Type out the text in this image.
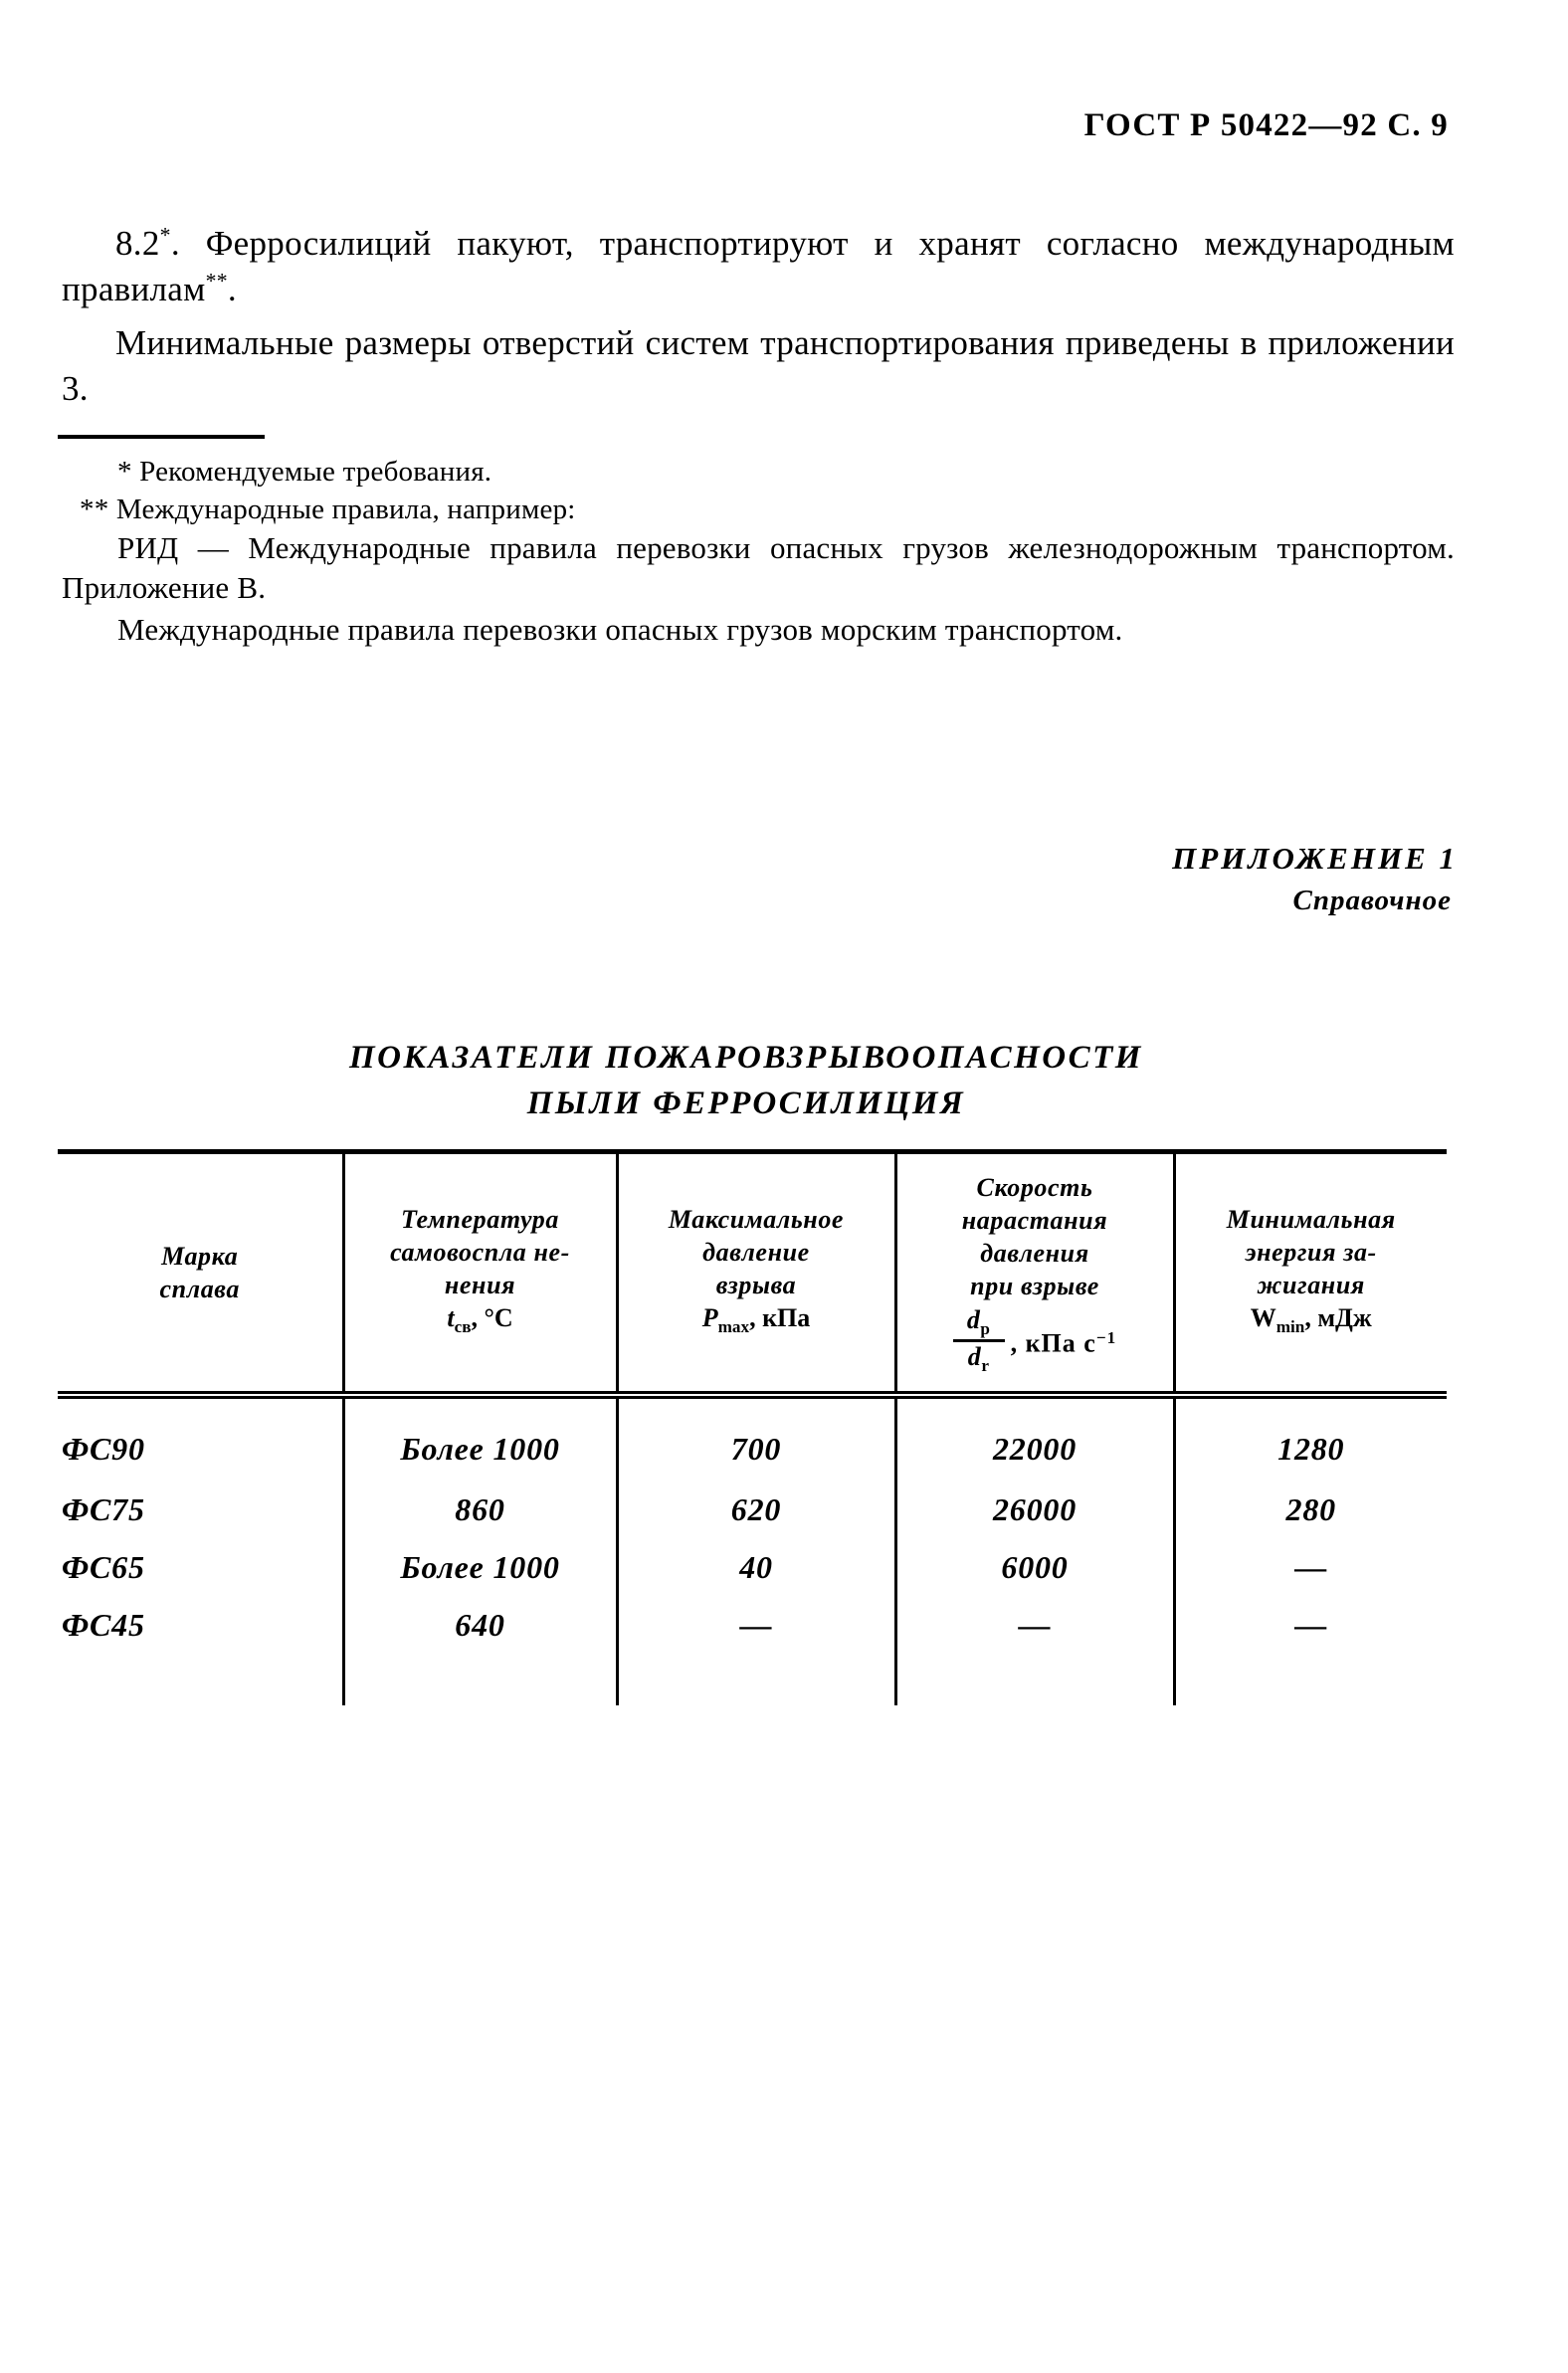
ГОСТ Р 50422—92 С. 9

8.2*. Ферросилиций пакуют, транспортируют и хранят согласно международным правилам**.

Минимальные размеры отверстий систем транспортирования приведены в приложении 3.

* Рекомендуемые требования.

** Международные правила, например:

РИД — Международные правила перевозки опасных грузов железнодорожным транспортом. Приложение В.

Международные правила перевозки опасных грузов морским транспортом.

ПРИЛОЖЕНИЕ 1
Справочное
ПОКАЗАТЕЛИ ПОЖАРОВЗРЫВООПАСНОСТИ
ПЫЛИ ФЕРРОСИЛИЦИЯ
Марка
сплава

Температура
самовоспла не-
нения
$t_{св}$, °С

Максимальное
давление
взрыва
$P_{max}$, кПа

Скорость
нарастания
давления
при взрыве
$\frac{d_p}{d_r}$ , кПа $с^{-1}$

Минимальная
энергия за-
жигания
$W_{min}$, мДж
ФС90	Более 1000	700	22000	1280
ФС75	860	620	26000	280
ФС65	Более 1000	40	6000	—
ФС45	640	—	—	—
